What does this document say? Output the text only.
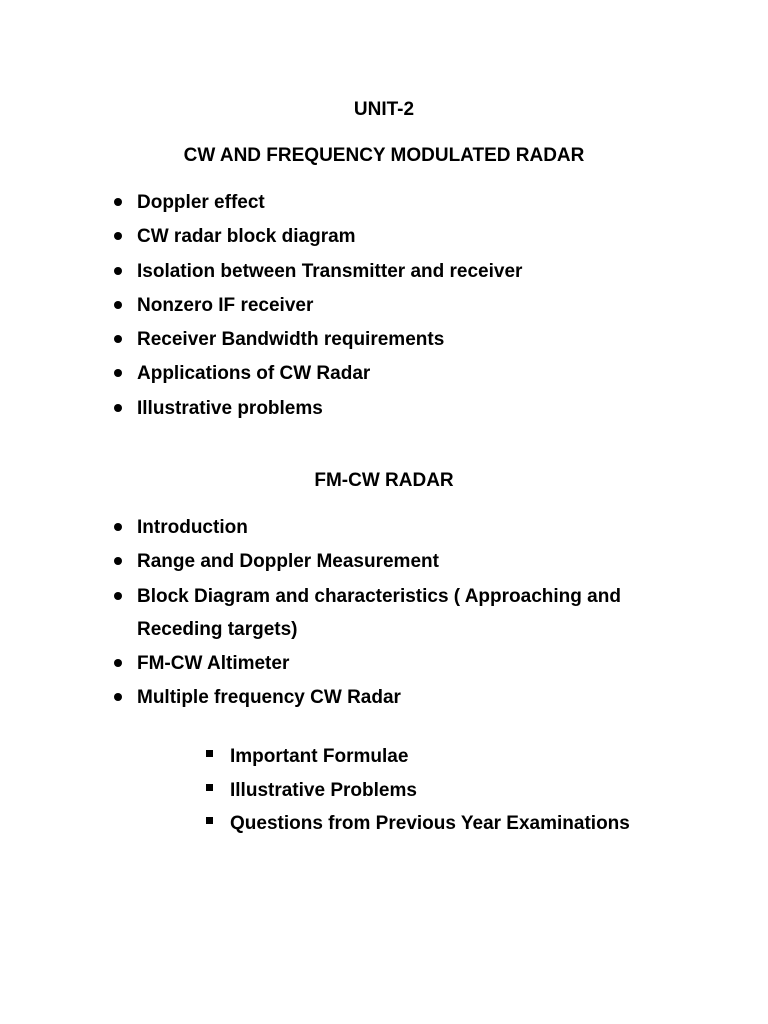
UNIT-2
CW AND FREQUENCY MODULATED RADAR
Doppler effect
CW radar block diagram
Isolation between Transmitter and receiver
Nonzero IF receiver
Receiver Bandwidth requirements
Applications of CW Radar
Illustrative problems
FM-CW RADAR
Introduction
Range and Doppler Measurement
Block Diagram and characteristics ( Approaching and Receding targets)
FM-CW Altimeter
Multiple frequency CW Radar
Important Formulae
Illustrative Problems
Questions from Previous Year Examinations
